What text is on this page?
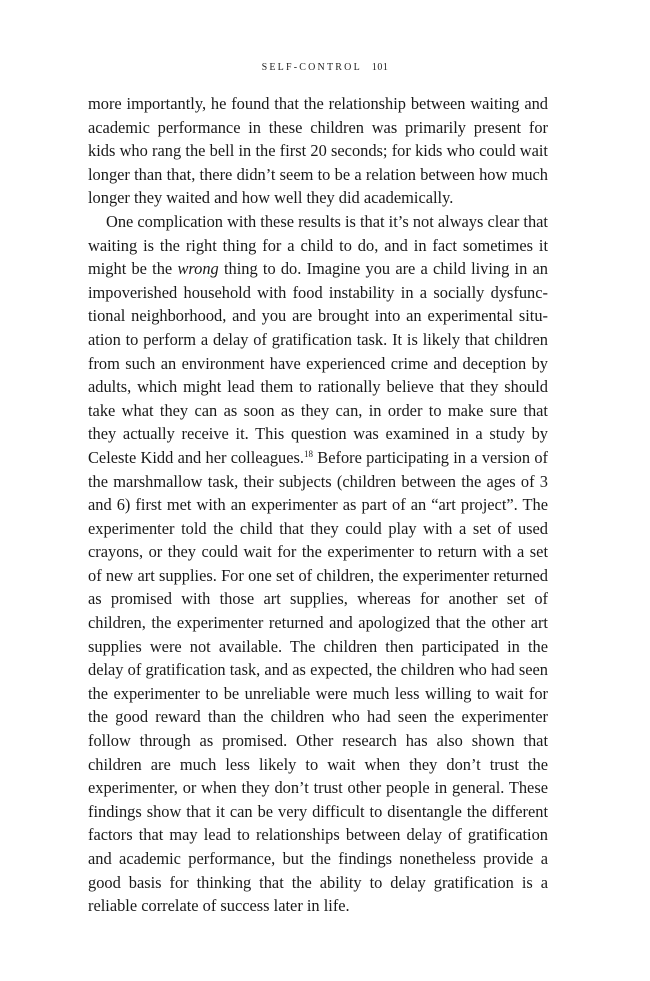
SELF-CONTROL 101

more importantly, he found that the relationship between waiting and academic performance in these children was primarily present for kids who rang the bell in the first 20 seconds; for kids who could wait longer than that, there didn’t seem to be a relation between how much longer they waited and how well they did academically.

One complication with these results is that it’s not always clear that waiting is the right thing for a child to do, and in fact sometimes it might be the wrong thing to do. Imagine you are a child living in an impoverished household with food instability in a socially dysfunctional neighborhood, and you are brought into an experimental situation to perform a delay of gratification task. It is likely that children from such an environment have experienced crime and deception by adults, which might lead them to rationally believe that they should take what they can as soon as they can, in order to make sure that they actually receive it. This question was examined in a study by Celeste Kidd and her colleagues.$^{18}$ Before participating in a version of the marshmallow task, their subjects (children between the ages of 3 and 6) first met with an experimenter as part of an “art project”. The experimenter told the child that they could play with a set of used crayons, or they could wait for the experimenter to return with a set of new art supplies. For one set of children, the experimenter returned as promised with those art supplies, whereas for another set of children, the experimenter returned and apologized that the other art supplies were not available. The children then participated in the delay of gratification task, and as expected, the children who had seen the experimenter to be unreliable were much less willing to wait for the good reward than the children who had seen the experimenter follow through as promised. Other research has also shown that children are much less likely to wait when they don’t trust the experimenter, or when they don’t trust other people in general. These findings show that it can be very difficult to disentangle the different factors that may lead to relationships between delay of gratification and academic performance, but the findings nonetheless provide a good basis for thinking that the ability to delay gratification is a reliable correlate of success later in life.
